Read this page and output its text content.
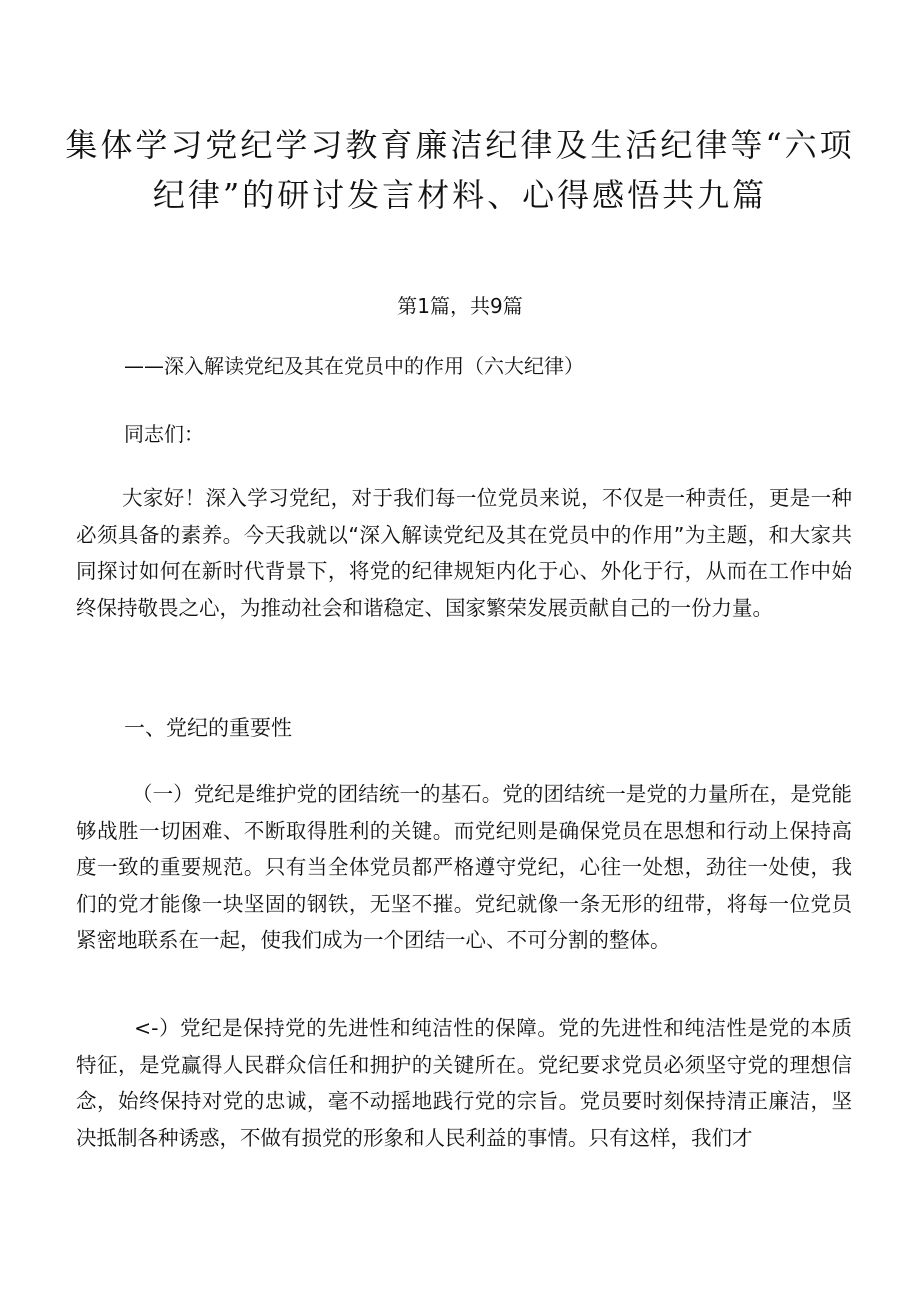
集体学习党纪学习教育廉洁纪律及生活纪律等“六项纪律”的研讨发言材料、心得感悟共九篇
第1篇，共9篇
——深入解读党纪及其在党员中的作用（六大纪律）
同志们：

大家好！深入学习党纪，对于我们每一位党员来说，不仅是一种责任，更是一种必须具备的素养。今天我就以“深入解读党纪及其在党员中的作用”为主题，和大家共同探讨如何在新时代背景下，将党的纪律规矩内化于心、外化于行，从而在工作中始终保持敬畏之心，为推动社会和谐稳定、国家繁荣发展贡献自己的一份力量。

一、党纪的重要性

（一）党纪是维护党的团结统一的基石。党的团结统一是党的力量所在，是党能够战胜一切困难、不断取得胜利的关键。而党纪则是确保党员在思想和行动上保持高度一致的重要规范。只有当全体党员都严格遵守党纪，心往一处想，劲往一处使，我们的党才能像一块坚固的钢铁，无坚不摧。党纪就像一条无形的纽带，将每一位党员紧密地联系在一起，使我们成为一个团结一心、不可分割的整体。

<-）党纪是保持党的先进性和纯洁性的保障。党的先进性和纯洁性是党的本质特征，是党赢得人民群众信任和拥护的关键所在。党纪要求党员必须坚守党的理想信念，始终保持对党的忠诚，毫不动摇地践行党的宗旨。党员要时刻保持清正廉洁，坚决抵制各种诱惑，不做有损党的形象和人民利益的事情。只有这样，我们才
